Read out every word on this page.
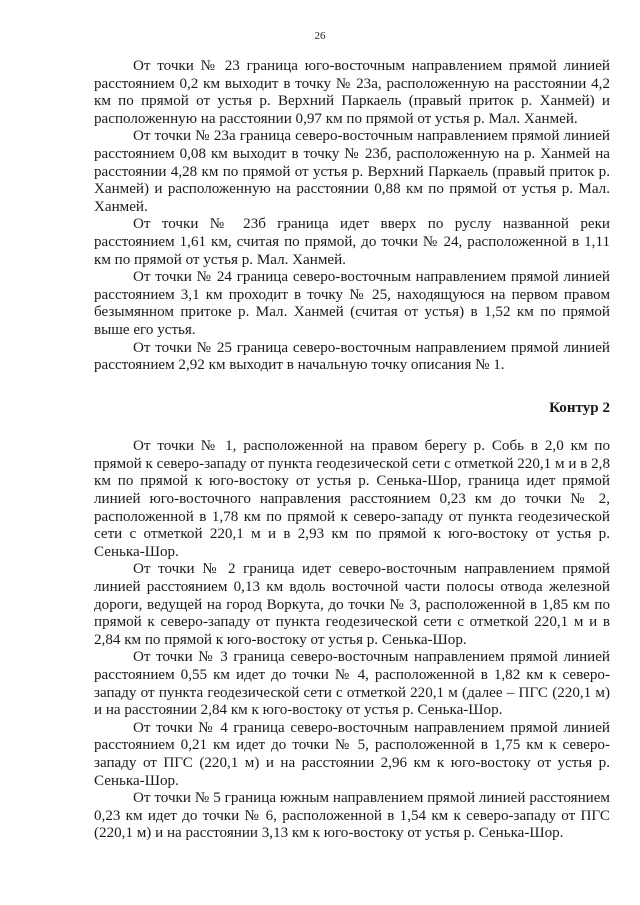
26

От точки № 23 граница юго-восточным направлением прямой линией расстоянием 0,2 км выходит в точку № 23а, расположенную на расстоянии 4,2 км по прямой от устья р. Верхний Паркаель (правый приток р. Ханмей) и расположенную на расстоянии 0,97 км по прямой от устья р. Мал. Ханмей.

От точки № 23а граница северо-восточным направлением прямой линией расстоянием 0,08 км выходит в точку № 23б, расположенную на р. Ханмей на расстоянии 4,28 км по прямой от устья р. Верхний Паркаель (правый приток р. Ханмей) и расположенную на расстоянии 0,88 км по прямой от устья р. Мал. Ханмей.

От точки № 23б граница идет вверх по руслу названной реки расстоянием 1,61 км, считая по прямой, до точки № 24, расположенной в 1,11 км по прямой от устья р. Мал. Ханмей.

От точки № 24 граница северо-восточным направлением прямой линией расстоянием 3,1 км проходит в точку № 25, находящуюся на первом правом безымянном притоке р. Мал. Ханмей (считая от устья) в 1,52 км по прямой выше его устья.

От точки № 25 граница северо-восточным направлением прямой линией расстоянием 2,92 км выходит в начальную точку описания № 1.

Контур 2

От точки № 1, расположенной на правом берегу р. Собь в 2,0 км по прямой к северо-западу от пункта геодезической сети с отметкой 220,1 м и в 2,8 км по прямой к юго-востоку от устья р. Сенька-Шор, граница идет прямой линией юго-восточного направления расстоянием 0,23 км до точки № 2, расположенной в 1,78 км по прямой к северо-западу от пункта геодезической сети с отметкой 220,1 м и в 2,93 км по прямой к юго-востоку от устья р. Сенька-Шор.

От точки № 2 граница идет северо-восточным направлением прямой линией расстоянием 0,13 км вдоль восточной части полосы отвода железной дороги, ведущей на город Воркута, до точки № 3, расположенной в 1,85 км по прямой к северо-западу от пункта геодезической сети с отметкой 220,1 м и в 2,84 км по прямой к юго-востоку от устья р. Сенька-Шор.

От точки № 3 граница северо-восточным направлением прямой линией расстоянием 0,55 км идет до точки № 4, расположенной в 1,82 км к северо-западу от пункта геодезической сети с отметкой 220,1 м (далее – ПГС (220,1 м) и на расстоянии 2,84 км к юго-востоку от устья р. Сенька-Шор.

От точки № 4 граница северо-восточным направлением прямой линией расстоянием 0,21 км идет до точки № 5, расположенной в 1,75 км к северо-западу от ПГС (220,1 м) и на расстоянии 2,96 км к юго-востоку от устья р. Сенька-Шор.

От точки № 5 граница южным направлением прямой линией расстоянием 0,23 км идет до точки № 6, расположенной в 1,54 км к северо-западу от ПГС (220,1 м) и на расстоянии 3,13 км к юго-востоку от устья р. Сенька-Шор.
